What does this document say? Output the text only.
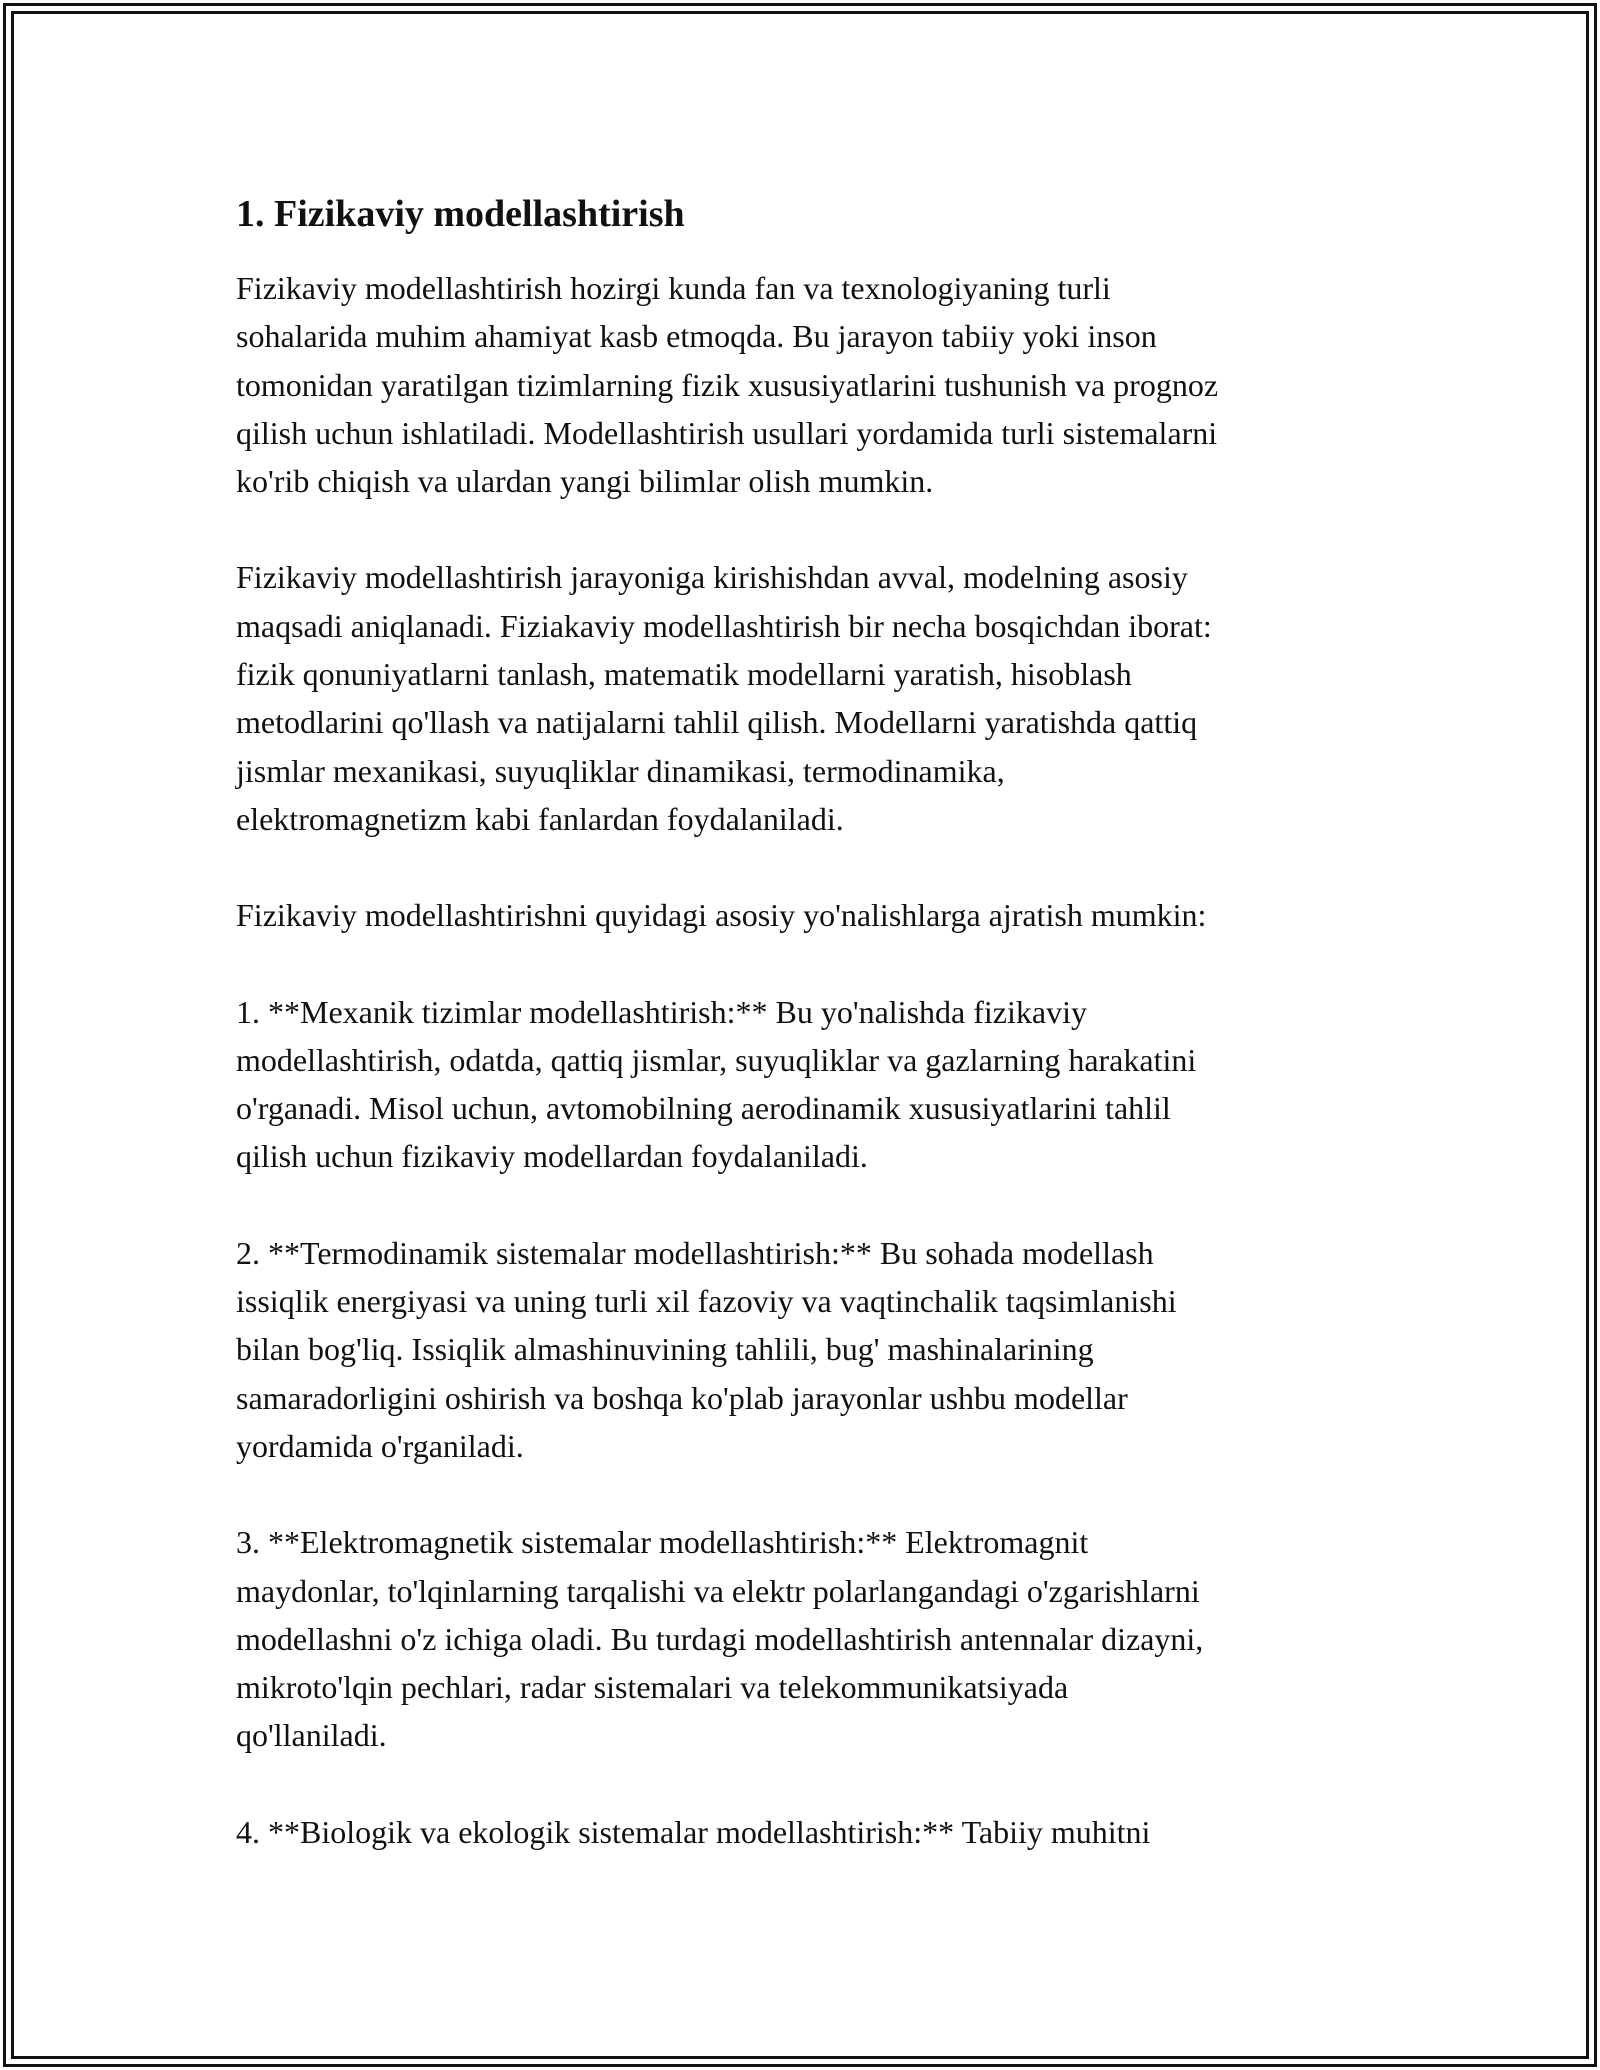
1. Fizikaviy modellashtirish

Fizikaviy modellashtirish hozirgi kunda fan va texnologiyaning turli
sohalarida muhim ahamiyat kasb etmoqda. Bu jarayon tabiiy yoki inson
tomonidan yaratilgan tizimlarning fizik xususiyatlarini tushunish va prognoz
qilish uchun ishlatiladi. Modellashtirish usullari yordamida turli sistemalarni
ko'rib chiqish va ulardan yangi bilimlar olish mumkin.

Fizikaviy modellashtirish jarayoniga kirishishdan avval, modelning asosiy
maqsadi aniqlanadi. Fiziakaviy modellashtirish bir necha bosqichdan iborat:
fizik qonuniyatlarni tanlash, matematik modellarni yaratish, hisoblash
metodlarini qo'llash va natijalarni tahlil qilish. Modellarni yaratishda qattiq
jismlar mexanikasi, suyuqliklar dinamikasi, termodinamika,
elektromagnetizm kabi fanlardan foydalaniladi.

Fizikaviy modellashtirishni quyidagi asosiy yo'nalishlarga ajratish mumkin:

1. **Mexanik tizimlar modellashtirish:** Bu yo'nalishda fizikaviy
modellashtirish, odatda, qattiq jismlar, suyuqliklar va gazlarning harakatini
o'rganadi. Misol uchun, avtomobilning aerodinamik xususiyatlarini tahlil
qilish uchun fizikaviy modellardan foydalaniladi.

2. **Termodinamik sistemalar modellashtirish:** Bu sohada modellash
issiqlik energiyasi va uning turli xil fazoviy va vaqtinchalik taqsimlanishi
bilan bog'liq. Issiqlik almashinuvining tahlili, bug' mashinalarining
samaradorligini oshirish va boshqa ko'plab jarayonlar ushbu modellar
yordamida o'rganiladi.

3. **Elektromagnetik sistemalar modellashtirish:** Elektromagnit
maydonlar, to'lqinlarning tarqalishi va elektr polarlangandagi o'zgarishlarni
modellashni o'z ichiga oladi. Bu turdagi modellashtirish antennalar dizayni,
mikroto'lqin pechlari, radar sistemalari va telekommunikatsiyada
qo'llaniladi.

4. **Biologik va ekologik sistemalar modellashtirish:** Tabiiy muhitni
